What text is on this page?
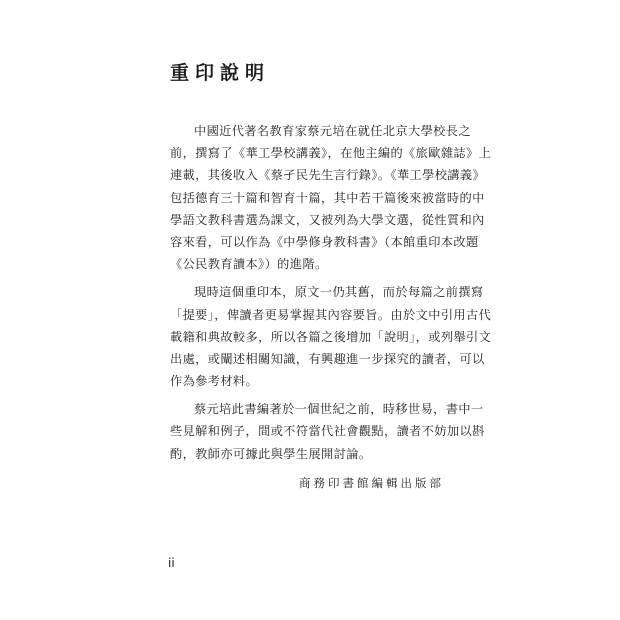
重印說明
中國近代著名教育家蔡元培在就任北京大學校長之
前，撰寫了《華工學校講義》，在他主編的《旅歐雜誌》上
連載，其後收入《蔡孑民先生言行錄》。《華工學校講義》
包括德育三十篇和智育十篇，其中若干篇後來被當時的中
學語文教科書選為課文，又被列為大學文選，從性質和內
容來看，可以作為《中學修身教科書》（本館重印本改題
《公民教育讀本》）的進階。
現時這個重印本，原文一仍其舊，而於每篇之前撰寫
「提要」，俾讀者更易掌握其內容要旨。由於文中引用古代
載籍和典故較多，所以各篇之後增加「說明」，或列舉引文
出處，或闡述相關知識，有興趣進一步探究的讀者，可以
作為參考材料。
蔡元培此書編著於一個世紀之前，時移世易，書中一
些見解和例子，間或不符當代社會觀點，讀者不妨加以斟
酌，教師亦可據此與學生展開討論。
商務印書館編輯出版部
ii
